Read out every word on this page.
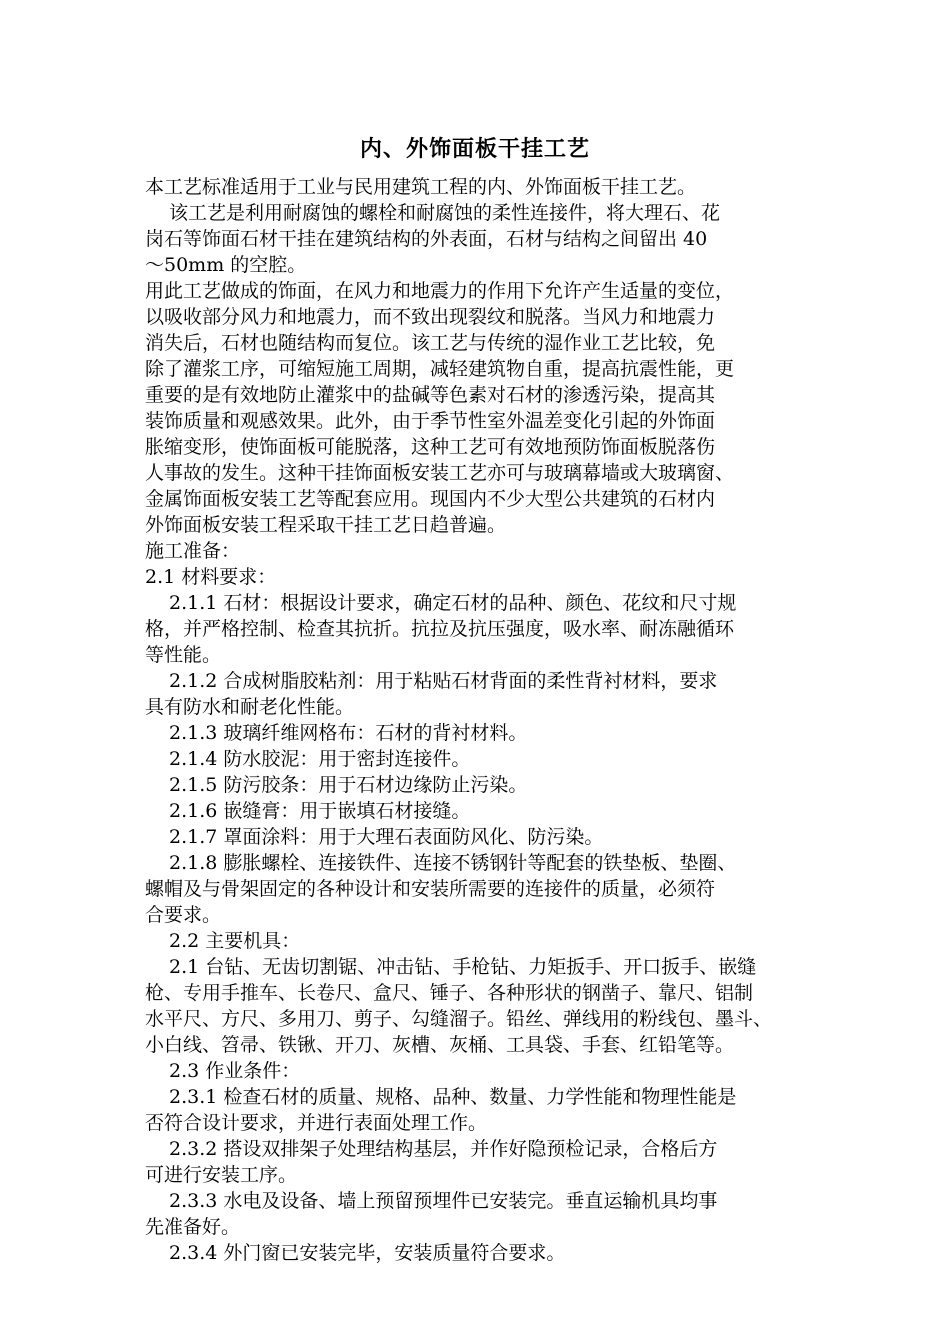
内、外饰面板干挂工艺
本工艺标准适用于工业与民用建筑工程的内、外饰面板干挂工艺。
该工艺是利用耐腐蚀的螺栓和耐腐蚀的柔性连接件，将大理石、花
岗石等饰面石材干挂在建筑结构的外表面，石材与结构之间留出 40
～50mm 的空腔。
用此工艺做成的饰面，在风力和地震力的作用下允许产生适量的变位，
以吸收部分风力和地震力，而不致出现裂纹和脱落。当风力和地震力
消失后，石材也随结构而复位。该工艺与传统的湿作业工艺比较，免
除了灌浆工序，可缩短施工周期，减轻建筑物自重，提高抗震性能，更
重要的是有效地防止灌浆中的盐碱等色素对石材的渗透污染，提高其
装饰质量和观感效果。此外，由于季节性室外温差变化引起的外饰面
胀缩变形，使饰面板可能脱落，这种工艺可有效地预防饰面板脱落伤
人事故的发生。这种干挂饰面板安装工艺亦可与玻璃幕墙或大玻璃窗、
金属饰面板安装工艺等配套应用。现国内不少大型公共建筑的石材内
外饰面板安装工程采取干挂工艺日趋普遍。
施工准备：
2.1 材料要求：
2.1.1 石材：根据设计要求，确定石材的品种、颜色、花纹和尺寸规
格，并严格控制、检查其抗折。抗拉及抗压强度，吸水率、耐冻融循环
等性能。
2.1.2 合成树脂胶粘剂：用于粘贴石材背面的柔性背衬材料，要求
具有防水和耐老化性能。
2.1.3 玻璃纤维网格布：石材的背衬材料。
2.1.4 防水胶泥：用于密封连接件。
2.1.5 防污胶条：用于石材边缘防止污染。
2.1.6 嵌缝膏：用于嵌填石材接缝。
2.1.7 罩面涂料：用于大理石表面防风化、防污染。
2.1.8 膨胀螺栓、连接铁件、连接不锈钢针等配套的铁垫板、垫圈、
螺帽及与骨架固定的各种设计和安装所需要的连接件的质量，必须符
合要求。
2.2 主要机具：
2.1 台钻、无齿切割锯、冲击钻、手枪钻、力矩扳手、开口扳手、嵌缝
枪、专用手推车、长卷尺、盒尺、锤子、各种形状的钢凿子、靠尺、铝制
水平尺、方尺、多用刀、剪子、勾缝溜子。铅丝、弹线用的粉线包、墨斗、
小白线、笤帚、铁锹、开刀、灰槽、灰桶、工具袋、手套、红铅笔等。
2.3 作业条件：
2.3.1 检查石材的质量、规格、品种、数量、力学性能和物理性能是
否符合设计要求，并进行表面处理工作。
2.3.2 搭设双排架子处理结构基层，并作好隐预检记录，合格后方
可进行安装工序。
2.3.3 水电及设备、墙上预留预埋件已安装完。垂直运输机具均事
先准备好。
2.3.4 外门窗已安装完毕，安装质量符合要求。
